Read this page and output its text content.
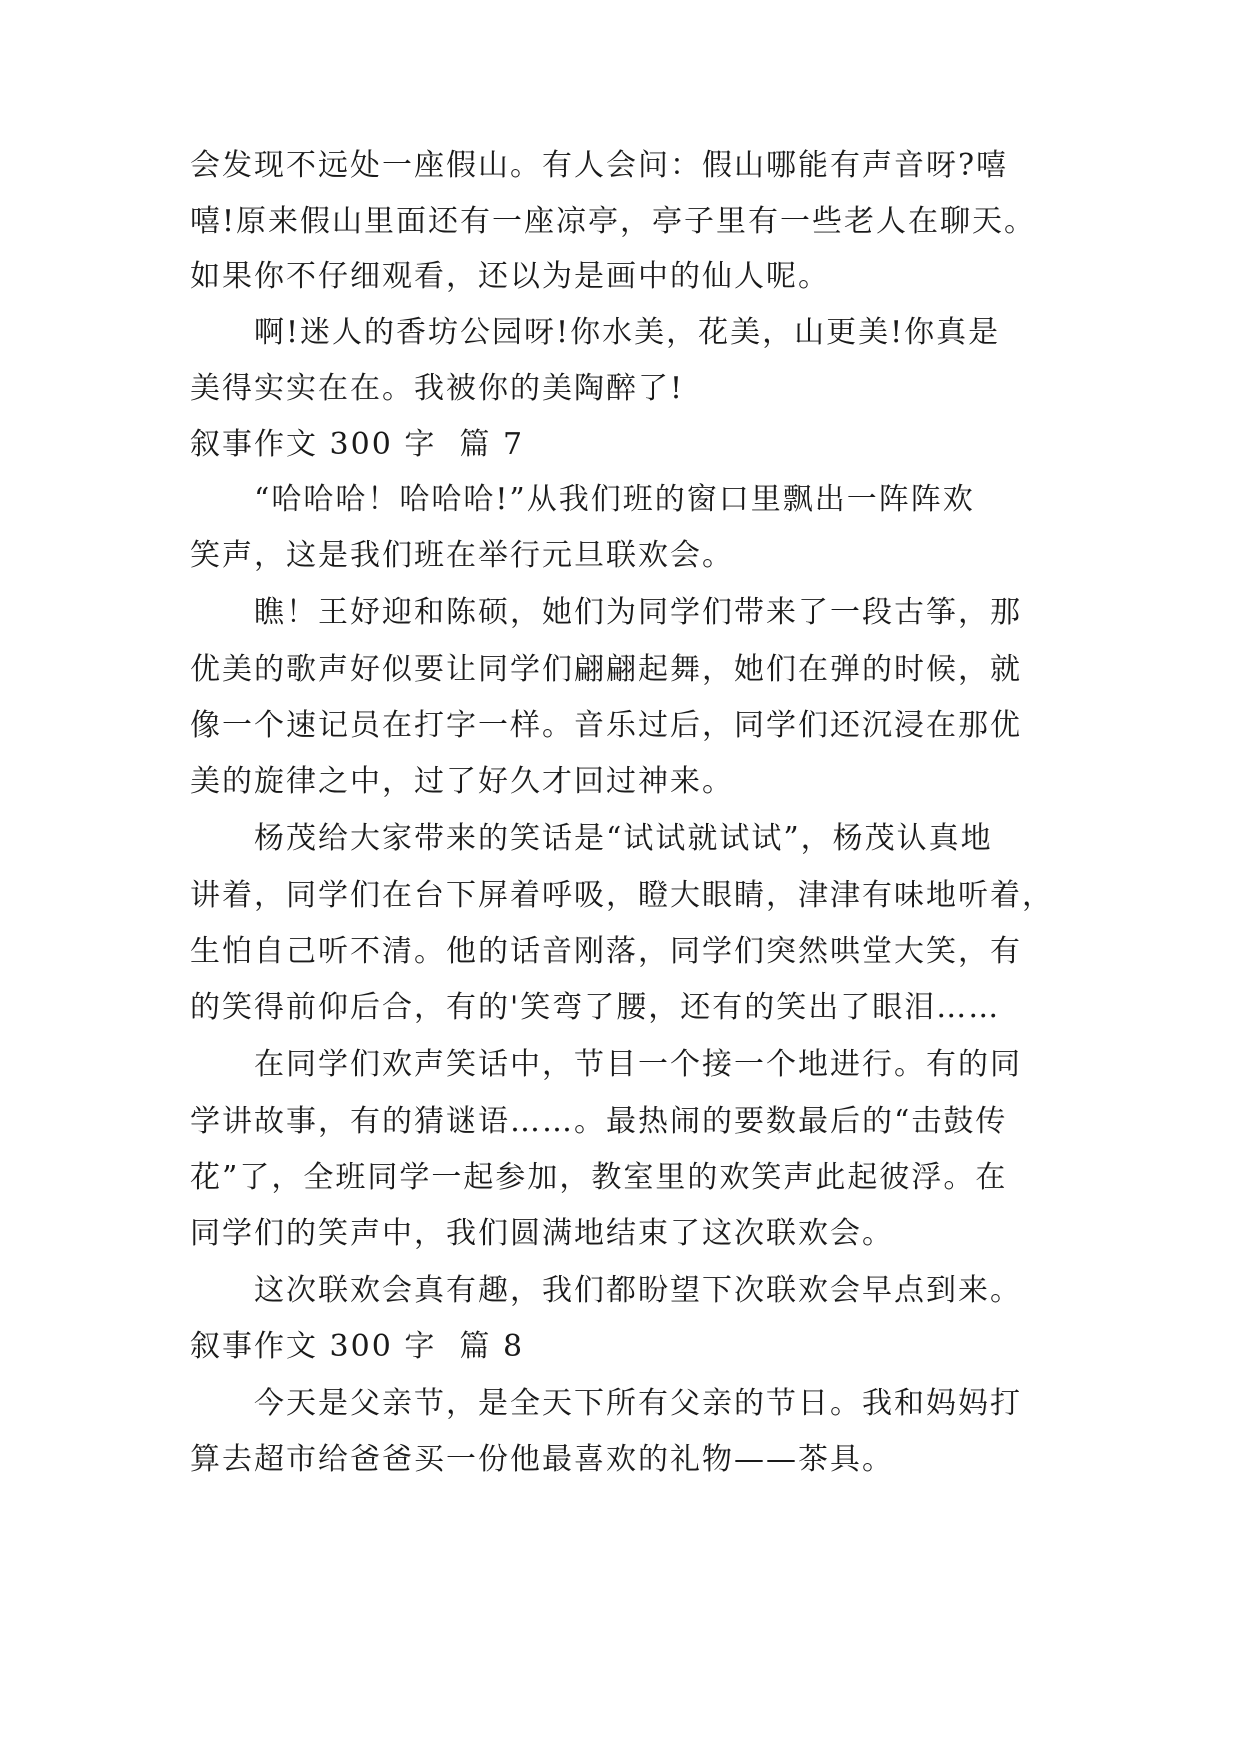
会发现不远处一座假山。有人会问：假山哪能有声音呀?嘻
嘻!原来假山里面还有一座凉亭，亭子里有一些老人在聊天。
如果你不仔细观看，还以为是画中的仙人呢。
　　啊!迷人的香坊公园呀!你水美，花美，山更美!你真是
美得实实在在。我被你的美陶醉了!
叙事作文 300 字  篇 7
　　“哈哈哈！哈哈哈!”从我们班的窗口里飘出一阵阵欢
笑声，这是我们班在举行元旦联欢会。
　　瞧！王妤迎和陈硕，她们为同学们带来了一段古筝，那
优美的歌声好似要让同学们翩翩起舞，她们在弹的时候，就
像一个速记员在打字一样。音乐过后，同学们还沉浸在那优
美的旋律之中，过了好久才回过神来。
　　杨茂给大家带来的笑话是“试试就试试”，杨茂认真地
讲着，同学们在台下屏着呼吸，瞪大眼睛，津津有味地听着，
生怕自己听不清。他的话音刚落，同学们突然哄堂大笑，有
的笑得前仰后合，有的'笑弯了腰，还有的笑出了眼泪……
　　在同学们欢声笑话中，节目一个接一个地进行。有的同
学讲故事，有的猜谜语……。最热闹的要数最后的“击鼓传
花”了，全班同学一起参加，教室里的欢笑声此起彼浮。在
同学们的笑声中，我们圆满地结束了这次联欢会。
　　这次联欢会真有趣，我们都盼望下次联欢会早点到来。
叙事作文 300 字  篇 8
　　今天是父亲节，是全天下所有父亲的节日。我和妈妈打
算去超市给爸爸买一份他最喜欢的礼物——茶具。
